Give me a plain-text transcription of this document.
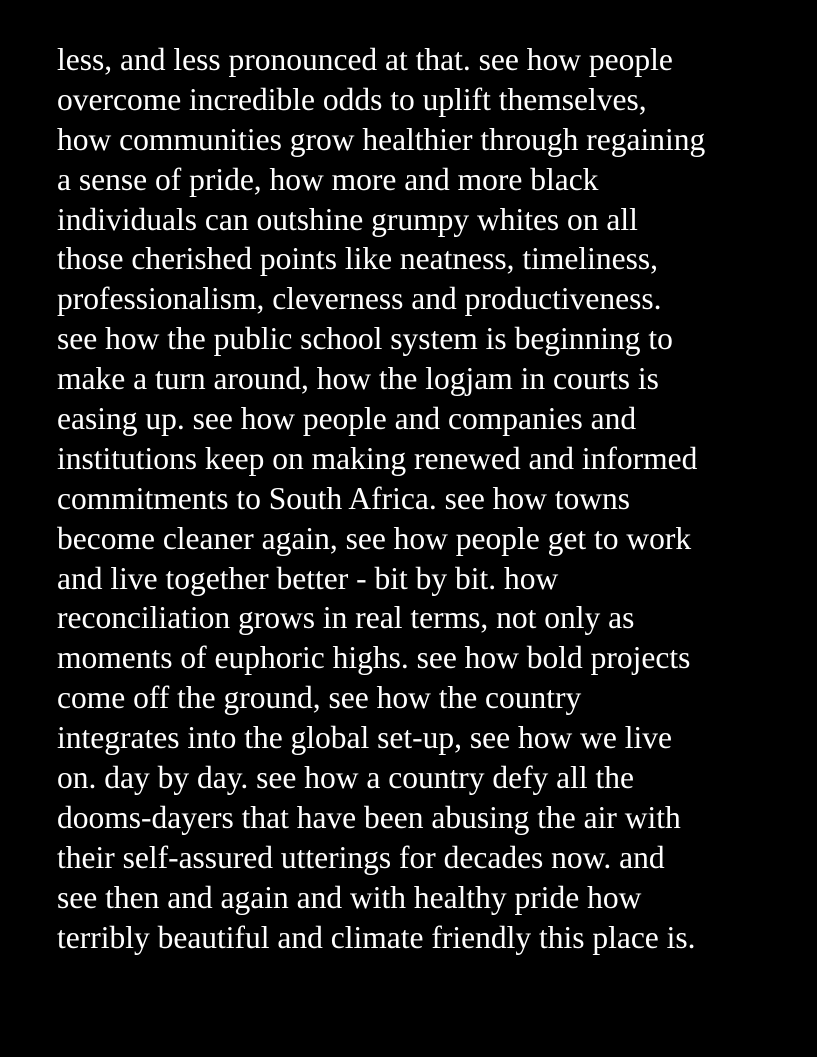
less, and less pronounced at that. see how people
overcome incredible odds to uplift themselves,
how communities grow healthier through regaining
a sense of pride, how more and more black
individuals can outshine grumpy whites on all
those cherished points like neatness, timeliness,
professionalism, cleverness and productiveness.
see how the public school system is beginning to
make a turn around, how the logjam in courts is
easing up. see how people and companies and
institutions keep on making renewed and informed
commitments to South Africa. see how towns
become cleaner again, see how people get to work
and live together better - bit by bit. how
reconciliation grows in real terms, not only as
moments of euphoric highs. see how bold projects
come off the ground, see how the country
integrates into the global set-up, see how we live
on. day by day. see how a country defy all the
dooms-dayers that have been abusing the air with
their self-assured utterings for decades now. and
see then and again and with healthy pride how
terribly beautiful and climate friendly this place is.
